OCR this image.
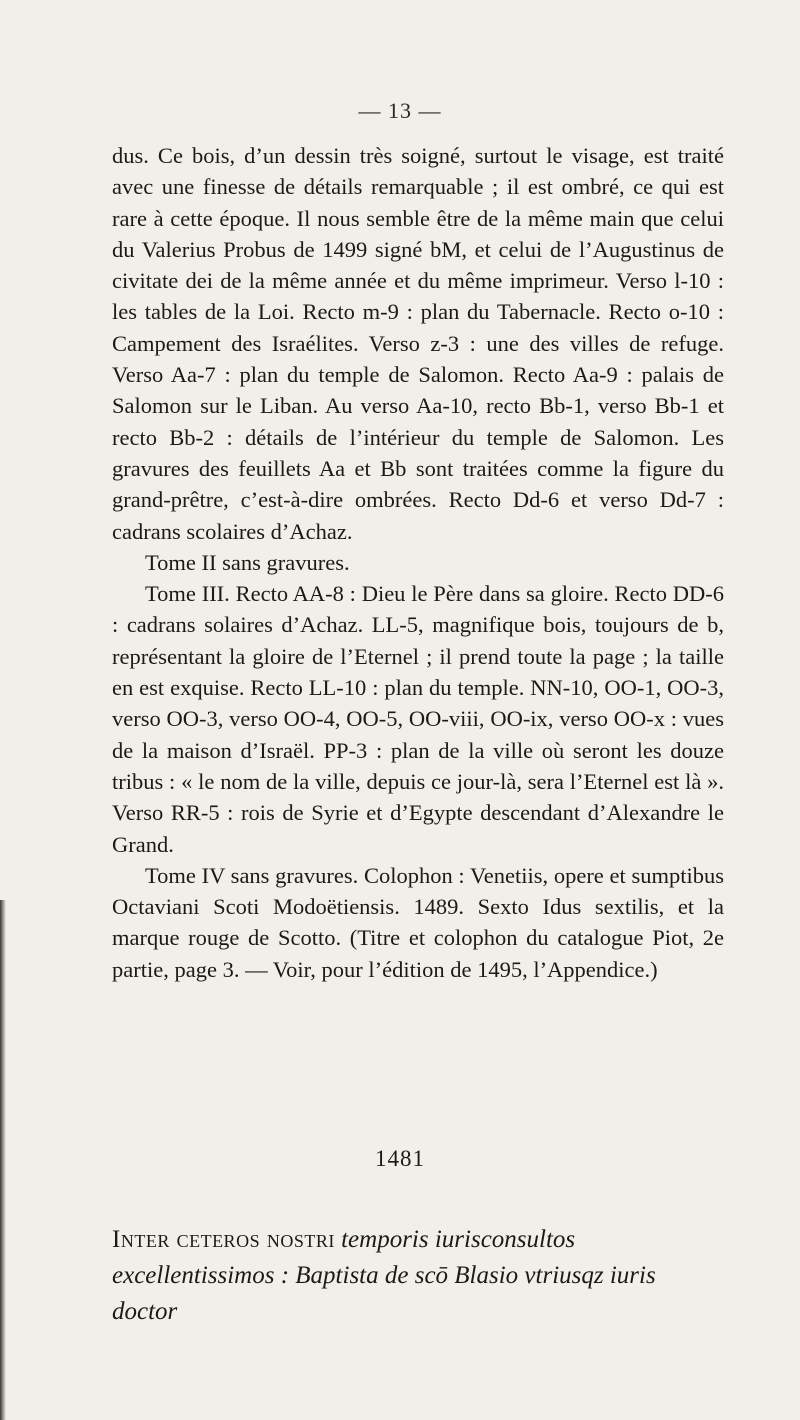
— 13 —

dus. Ce bois, d’un dessin très soigné, surtout le visage, est traité avec une finesse de détails remarquable ; il est ombré, ce qui est rare à cette époque. Il nous semble être de la même main que celui du Valerius Probus de 1499 signé bM, et celui de l’Augustinus de civitate dei de la même année et du même imprimeur. Verso l-10 : les tables de la Loi. Recto m-9 : plan du Tabernacle. Recto o-10 : Campement des Israélites. Verso z-3 : une des villes de refuge. Verso Aa-7 : plan du temple de Salomon. Recto Aa-9 : palais de Salomon sur le Liban. Au verso Aa-10, recto Bb-1, verso Bb-1 et recto Bb-2 : détails de l’intérieur du temple de Salomon. Les gravures des feuillets Aa et Bb sont traitées comme la figure du grand-prêtre, c’est-à-dire ombrées. Recto Dd-6 et verso Dd-7 : cadrans scolaires d’Achaz.

Tome II sans gravures.

Tome III. Recto AA-8 : Dieu le Père dans sa gloire. Recto DD-6 : cadrans solaires d’Achaz. LL-5, magnifique bois, toujours de b, représentant la gloire de l’Eternel ; il prend toute la page ; la taille en est exquise. Recto LL-10 : plan du temple. NN-10, OO-1, OO-3, verso OO-3, verso OO-4, OO-5, OO-viii, OO-ix, verso OO-x : vues de la maison d’Israël. PP-3 : plan de la ville où seront les douze tribus : « le nom de la ville, depuis ce jour-là, sera l’Eternel est là ». Verso RR-5 : rois de Syrie et d’Egypte descendant d’Alexandre le Grand.

Tome IV sans gravures. Colophon : Venetiis, opere et sumptibus Octaviani Scoti Modoëtiensis. 1489. Sexto Idus sextilis, et la marque rouge de Scotto. (Titre et colophon du catalogue Piot, 2e partie, page 3. — Voir, pour l’édition de 1495, l’Appendice.)

1481
Inter ceteros nostri temporis iurisconsultos excellentissimos : Baptista de scō Blasio vtriusqz iuris doctor
